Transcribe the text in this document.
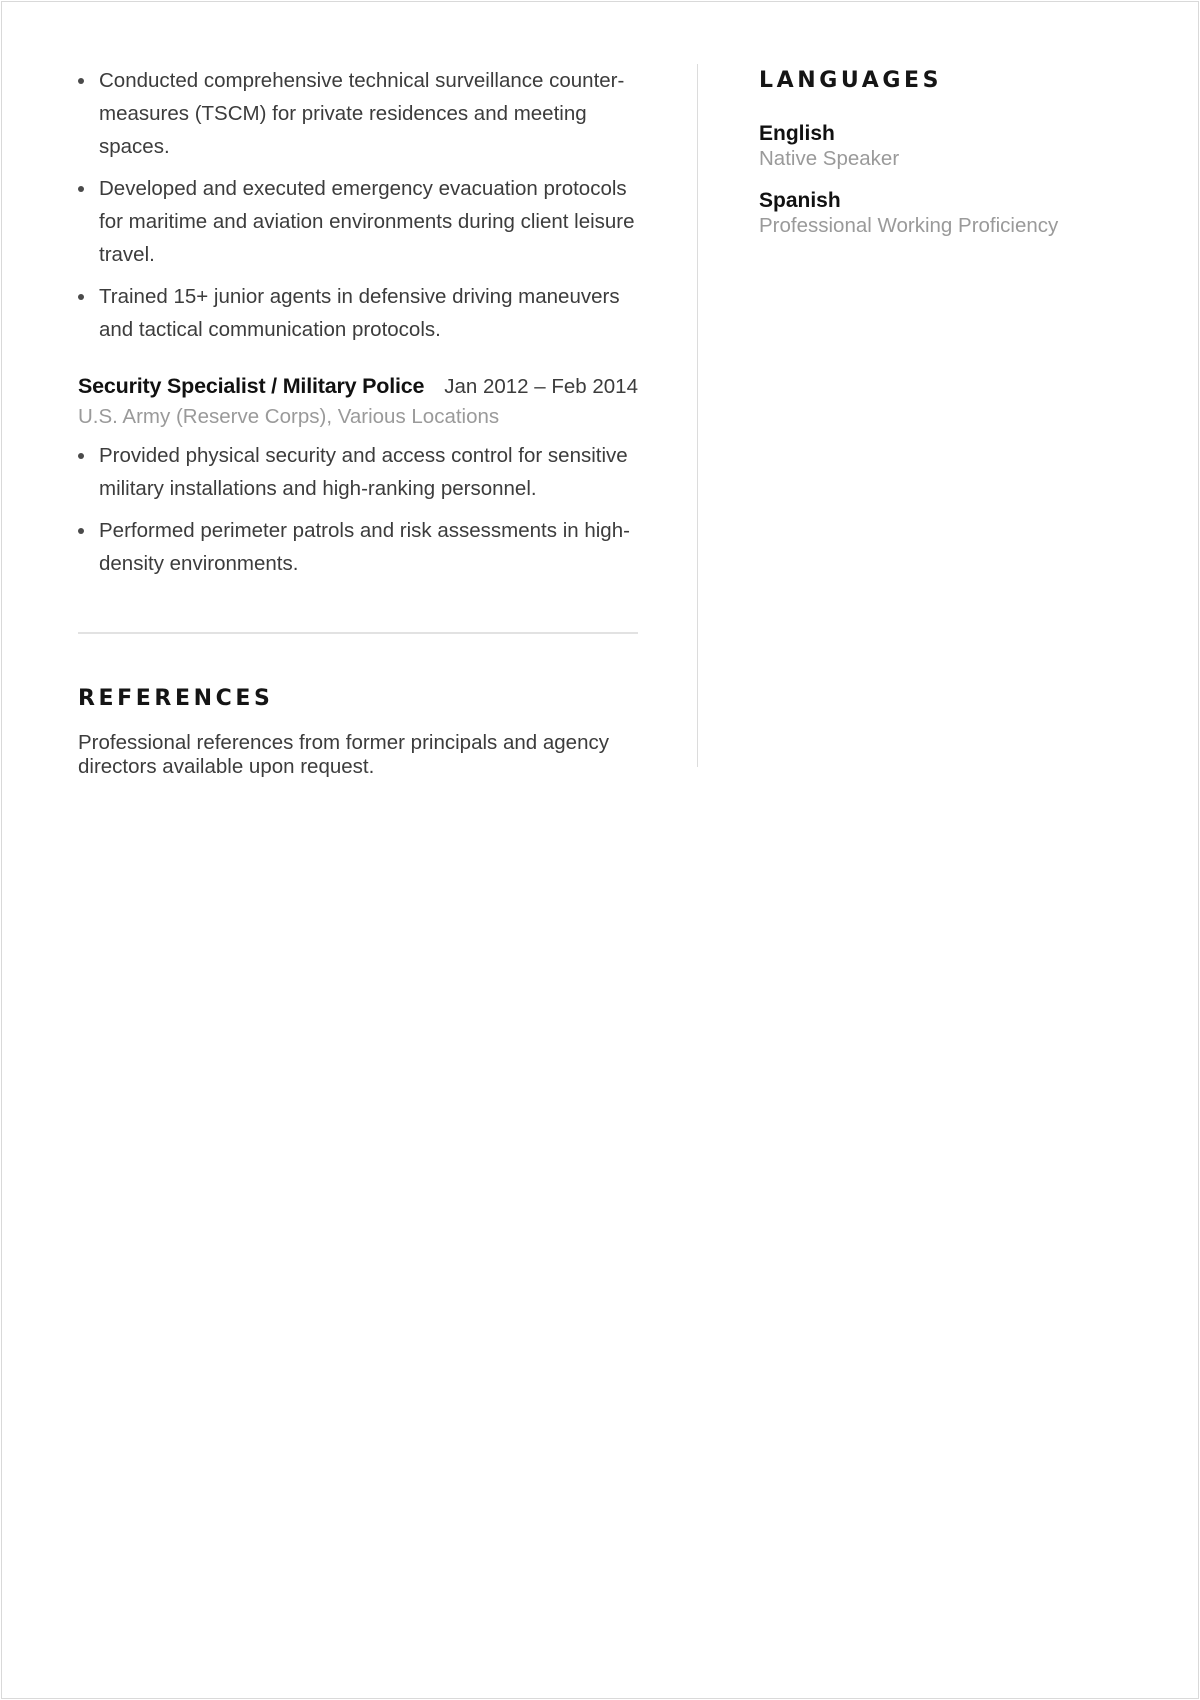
Conducted comprehensive technical surveillance counter-measures (TSCM) for private residences and meeting spaces.
Developed and executed emergency evacuation protocols for maritime and aviation environments during client leisure travel.
Trained 15+ junior agents in defensive driving maneuvers and tactical communication protocols.
Security Specialist / Military Police Jan 2012 – Feb 2014
U.S. Army (Reserve Corps), Various Locations
Provided physical security and access control for sensitive military installations and high-ranking personnel.
Performed perimeter patrols and risk assessments in high-density environments.
REFERENCES
Professional references from former principals and agency directors available upon request.
LANGUAGES
English
Native Speaker
Spanish
Professional Working Proficiency
